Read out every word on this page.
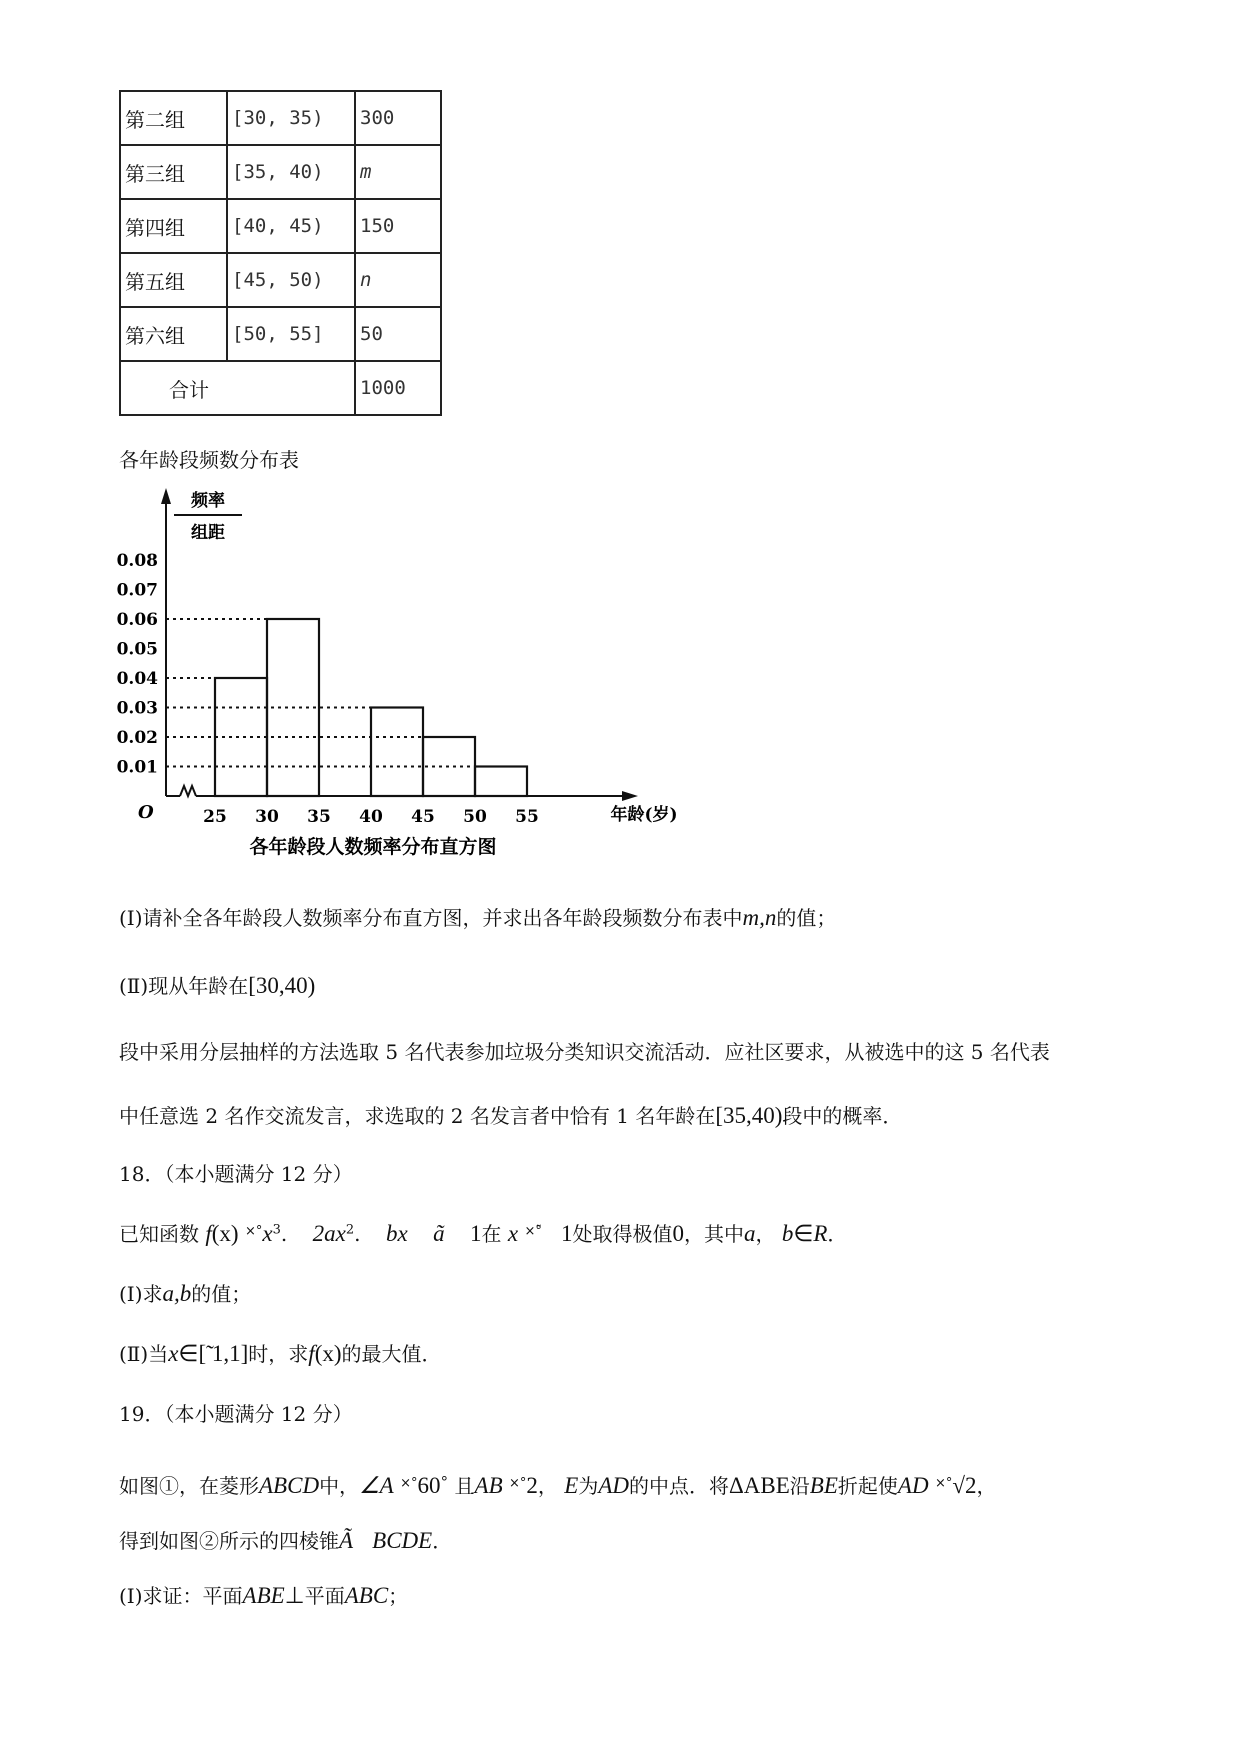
第二组	[30, 35)	300
第三组	[35, 40)	m
第四组	[40, 45)	150
第五组	[45, 50)	n
第六组	[50, 55]	50
合计		1000
各年龄段频数分布表
频率
组距
0.01
0.02
0.03
0.04
0.05
0.06
0.07
0.08
25 30 35 40 45 50 55
O	年龄(岁)
各年龄段人数频率分布直方图
(Ⅰ)请补全各年龄段人数频率分布直方图，并求出各年龄段频数分布表中m,n的值；
(Ⅱ)现从年龄在[30,40)
段中采用分层抽样的方法选取 5 名代表参加垃圾分类知识交流活动．应社区要求，从被选中的这 5 名代表
中任意选 2 名作交流发言，求选取的 2 名发言者中恰有 1 名年龄在[35,40)段中的概率．
18．（本小题满分 12 分）
已知函数 f(x) $^{\times^\circ}x^3$.    $2ax^2$.    bx ã 1在 x ×°̃ 1处取得极值0，其中a， b∈R．
(Ⅰ)求a,b的值；
(Ⅱ)当x∈[̃ 1,1]时，求f(x)的最大值．
19．（本小题满分 12 分）
如图①，在菱形ABCD中，∠A ×°60˚ 且AB ×°2， E为AD的中点．将ΔABE沿BE折起使AD ×°√2，
得到如图②所示的四棱锥Ã BCDE．
(Ⅰ)求证：平面ABE⊥平面ABC；
